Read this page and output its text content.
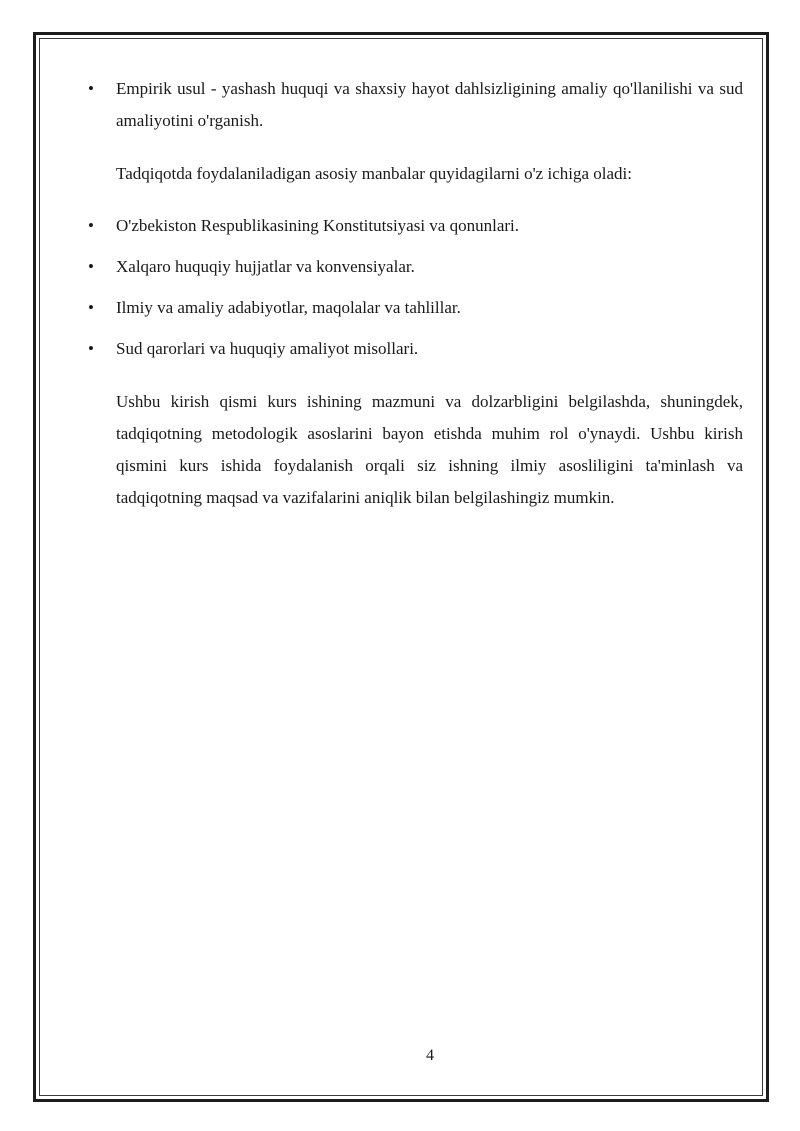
•	Empirik usul - yashash huquqi va shaxsiy hayot dahlsizligining amaliy qo'llanilishi va sud amaliyotini o'rganish.
Tadqiqotda foydalaniladigan asosiy manbalar quyidagilarni o'z ichiga oladi:
•	O'zbekiston Respublikasining Konstitutsiyasi va qonunlari.
•	Xalqaro huquqiy hujjatlar va konvensiyalar.
•	Ilmiy va amaliy adabiyotlar, maqolalar va tahlillar.
•	Sud qarorlari va huquqiy amaliyot misollari.
Ushbu kirish qismi kurs ishining mazmuni va dolzarbligini belgilashda, shuningdek, tadqiqotning metodologik asoslarini bayon etishda muhim rol o'ynaydi. Ushbu kirish qismini kurs ishida foydalanish orqali siz ishning ilmiy asosliligini ta'minlash va tadqiqotning maqsad va vazifalarini aniqlik bilan belgilashingiz mumkin.
4
